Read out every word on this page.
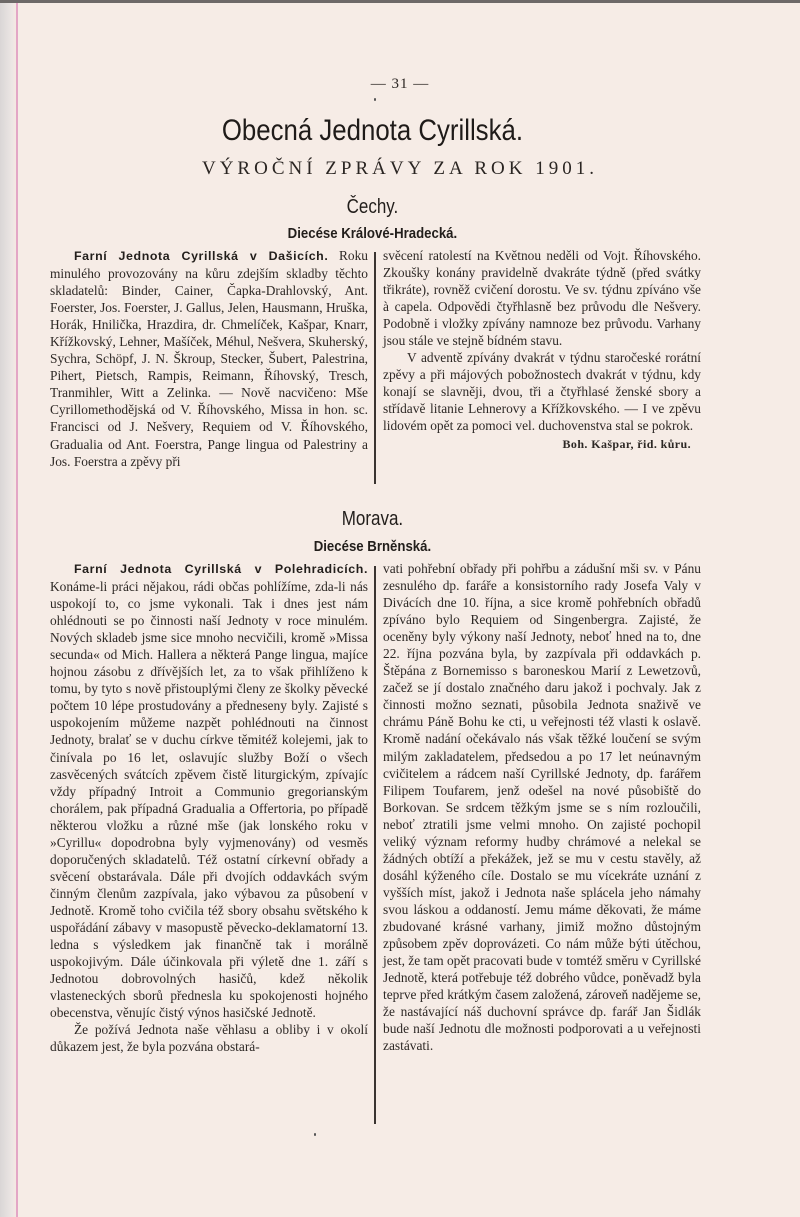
— 31 —
Obecná Jednota Cyrillská.
VÝROČNÍ ZPRÁVY ZA ROK 1901.
Čechy.
Diecése Králové-Hradecká.

Farní Jednota Cyrillská v Dašicích. Roku minulého provozovány na kůru zdejším skladby těchto skladatelů: Binder, Cainer, Čapka-Drahlovský, Ant. Foerster, Jos. Foerster, J. Gallus, Jelen, Hausmann, Hruška, Horák, Hnilička, Hrazdira, dr. Chmelíček, Kašpar, Knarr, Křížkovský, Lehner, Mašíček, Méhul, Nešvera, Skuherský, Sychra, Schöpf, J. N. Škroup, Stecker, Šubert, Palestrina, Pihert, Pietsch, Rampis, Reimann, Říhovský, Tresch, Tranmihler, Witt a Zelinka. — Nově nacvičeno: Mše Cyrillomethodějská od V. Říhovského, Missa in hon. sc. Francisci od J. Nešvery, Requiem od V. Říhovského, Gradualia od Ant. Foerstra, Pange lingua od Palestriny a Jos. Foerstra a zpěvy při

svěcení ratolestí na Květnou neděli od Vojt. Říhovského. Zkoušky konány pravidelně dvakráte týdně (před svátky třikráte), rovněž cvičení dorostu. Ve sv. týdnu zpíváno vše à capela. Odpovědi čtyřhlasně bez průvodu dle Nešvery. Podobně i vložky zpívány namnoze bez průvodu. Varhany jsou stále ve stejně bídném stavu.

V adventě zpívány dvakrát v týdnu staročeské rorátní zpěvy a při májových pobožnostech dvakrát v týdnu, kdy konají se slavněji, dvou, tři a čtyřhlasé ženské sbory a střídavě litanie Lehnerovy a Křížkovského. — I ve zpěvu lidovém opět za pomoci vel. duchovenstva stal se pokrok.

Boh. Kašpar, řid. kůru.
Morava.
Diecése Brněnská.

Farní Jednota Cyrillská v Polehradicích. Konáme-li práci nějakou, rádi občas pohlížíme, zda-li nás uspokojí to, co jsme vykonali. Tak i dnes jest nám ohlédnouti se po činnosti naší Jednoty v roce minulém. Nových skladeb jsme sice mnoho necvičili, kromě »Missa secunda« od Mich. Hallera a některá Pange lingua, majíce hojnou zásobu z dřívějších let, za to však přihlíženo k tomu, by tyto s nově přistouplými členy ze školky pěvecké počtem 10 lépe prostudovány a předneseny byly. Zajisté s uspokojením můžeme nazpět pohlédnouti na činnost Jednoty, bralať se v duchu církve těmitéž kolejemi, jak to činívala po 16 let, oslavujíc služby Boží o všech zasvěcených svátcích zpěvem čistě liturgickým, zpívajíc vždy případný Introit a Communio gregorianským chorálem, pak případná Gradualia a Offertoria, po případě některou vložku a různé mše (jak lonského roku v »Cyrillu« dopodrobna byly vyjmenovány) od vesměs doporučených skladatelů. Též ostatní církevní obřady a svěcení obstarávala. Dále při dvojích oddavkách svým činným členům zazpívala, jako výbavou za působení v Jednotě. Kromě toho cvičila též sbory obsahu světského k uspořádání zábavy v masopustě pěvecko-deklamatorní 13. ledna s výsledkem jak finančně tak i morálně uspokojivým. Dále účinkovala při výletě dne 1. září s Jednotou dobrovolných hasičů, kdež několik vlasteneckých sborů přednesla ku spokojenosti hojného obecenstva, věnujíc čistý výnos hasičské Jednotě.

Že požívá Jednota naše věhlasu a obliby i v okolí důkazem jest, že byla pozvána obstará-

vati pohřební obřady při pohřbu a zádušní mši sv. v Pánu zesnulého dp. faráře a konsistorního rady Josefa Valy v Divácích dne 10. října, a sice kromě pohřebních obřadů zpíváno bylo Requiem od Singenbergra. Zajisté, že oceněny byly výkony naší Jednoty, neboť hned na to, dne 22. října pozvána byla, by zazpívala při oddavkách p. Štěpána z Bornemisso s baroneskou Marií z Lewetzovů, začež se jí dostalo značného daru jakož i pochvaly. Jak z činnosti možno seznati, působila Jednota snaživě ve chrámu Páně Bohu ke cti, u veřejnosti též vlasti k oslavě. Kromě nadání očekávalo nás však těžké loučení se svým milým zakladatelem, předsedou a po 17 let neúnavným cvičitelem a rádcem naší Cyrillské Jednoty, dp. farářem Filipem Toufarem, jenž odešel na nové působiště do Borkovan. Se srdcem těžkým jsme se s ním rozloučili, neboť ztratili jsme velmi mnoho. On zajisté pochopil veliký význam reformy hudby chrámové a nelekal se žádných obtíží a překážek, jež se mu v cestu stavěly, až dosáhl kýženého cíle. Dostalo se mu vícekráte uznání z vyšších míst, jakož i Jednota naše splácela jeho námahy svou láskou a oddaností. Jemu máme děkovati, že máme zbudované krásné varhany, jimiž možno důstojným způsobem zpěv doprovázeti. Co nám může býti útěchou, jest, že tam opět pracovati bude v tomtéž směru v Cyrillské Jednotě, která potřebuje též dobrého vůdce, poněvadž byla teprve před krátkým časem založená, zároveň nadějeme se, že nastávající náš duchovní správce dp. farář Jan Šidlák bude naší Jednotu dle možnosti podporovati a u veřejnosti zastávati.
